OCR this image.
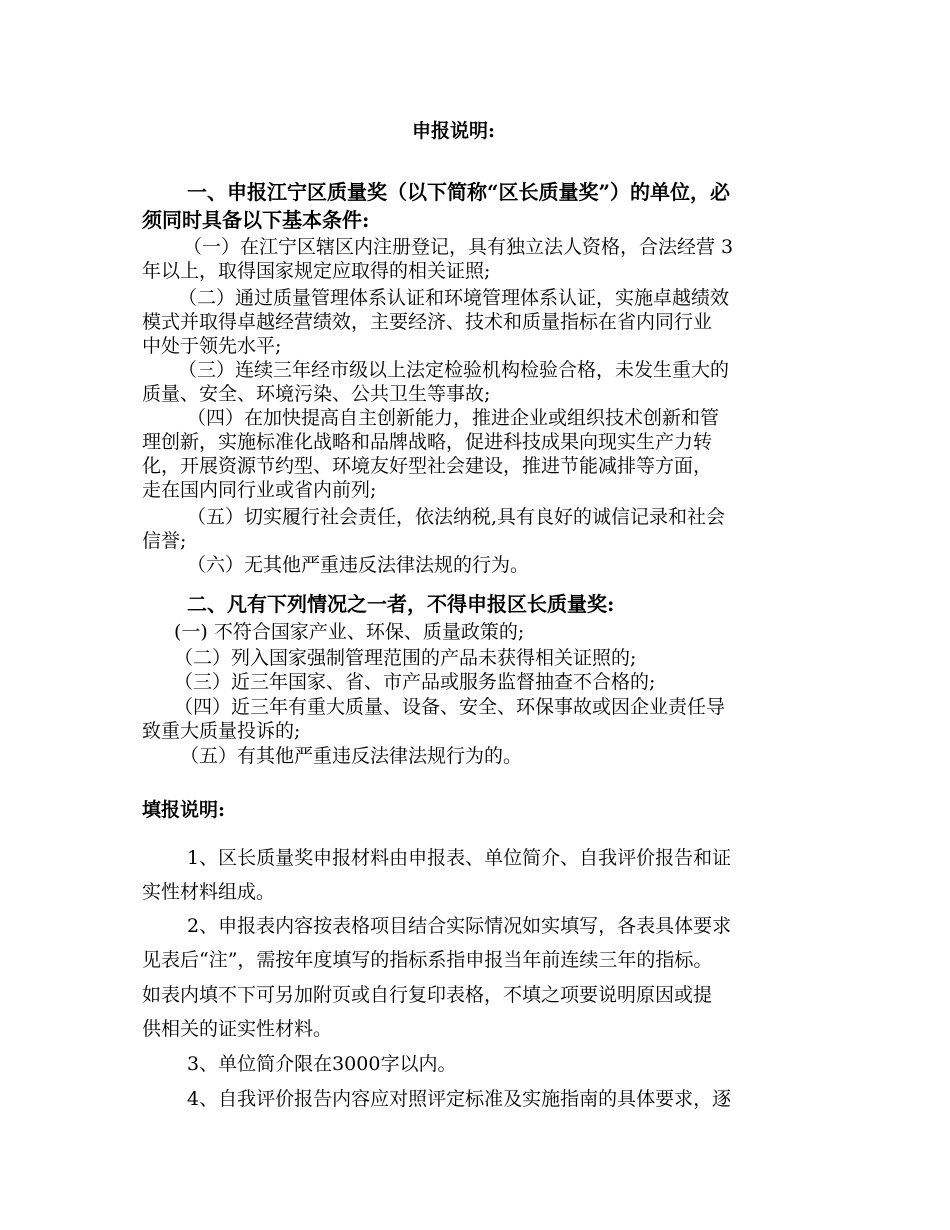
申报说明:
一、申报江宁区质量奖（以下简称“区长质量奖”）的单位，必
须同时具备以下基本条件:
（一）在江宁区辖区内注册登记，具有独立法人资格，合法经营 3
年以上，取得国家规定应取得的相关证照;
（二）通过质量管理体系认证和环境管理体系认证，实施卓越绩效
模式并取得卓越经营绩效，主要经济、技术和质量指标在省内同行业
中处于领先水平;
（三）连续三年经市级以上法定检验机构检验合格，未发生重大的
质量、安全、环境污染、公共卫生等事故;
（四）在加快提高自主创新能力，推进企业或组织技术创新和管
理创新，实施标准化战略和品牌战略，促进科技成果向现实生产力转
化，开展资源节约型、环境友好型社会建设，推进节能减排等方面，
走在国内同行业或省内前列;
（五）切实履行社会责任，依法纳税,具有良好的诚信记录和社会
信誉;
（六）无其他严重违反法律法规的行为。
二、凡有下列情况之一者，不得申报区长质量奖:
(一) 不符合国家产业、环保、质量政策的;
（二）列入国家强制管理范围的产品未获得相关证照的;
（三）近三年国家、省、市产品或服务监督抽查不合格的;
（四）近三年有重大质量、设备、安全、环保事故或因企业责任导
致重大质量投诉的;
（五）有其他严重违反法律法规行为的。
填报说明:
1、区长质量奖申报材料由申报表、单位简介、自我评价报告和证
实性材料组成。
2、申报表内容按表格项目结合实际情况如实填写，各表具体要求
见表后“注”，需按年度填写的指标系指申报当年前连续三年的指标。
如表内填不下可另加附页或自行复印表格，不填之项要说明原因或提
供相关的证实性材料。
3、单位简介限在3000字以内。
4、自我评价报告内容应对照评定标准及实施指南的具体要求，逐
